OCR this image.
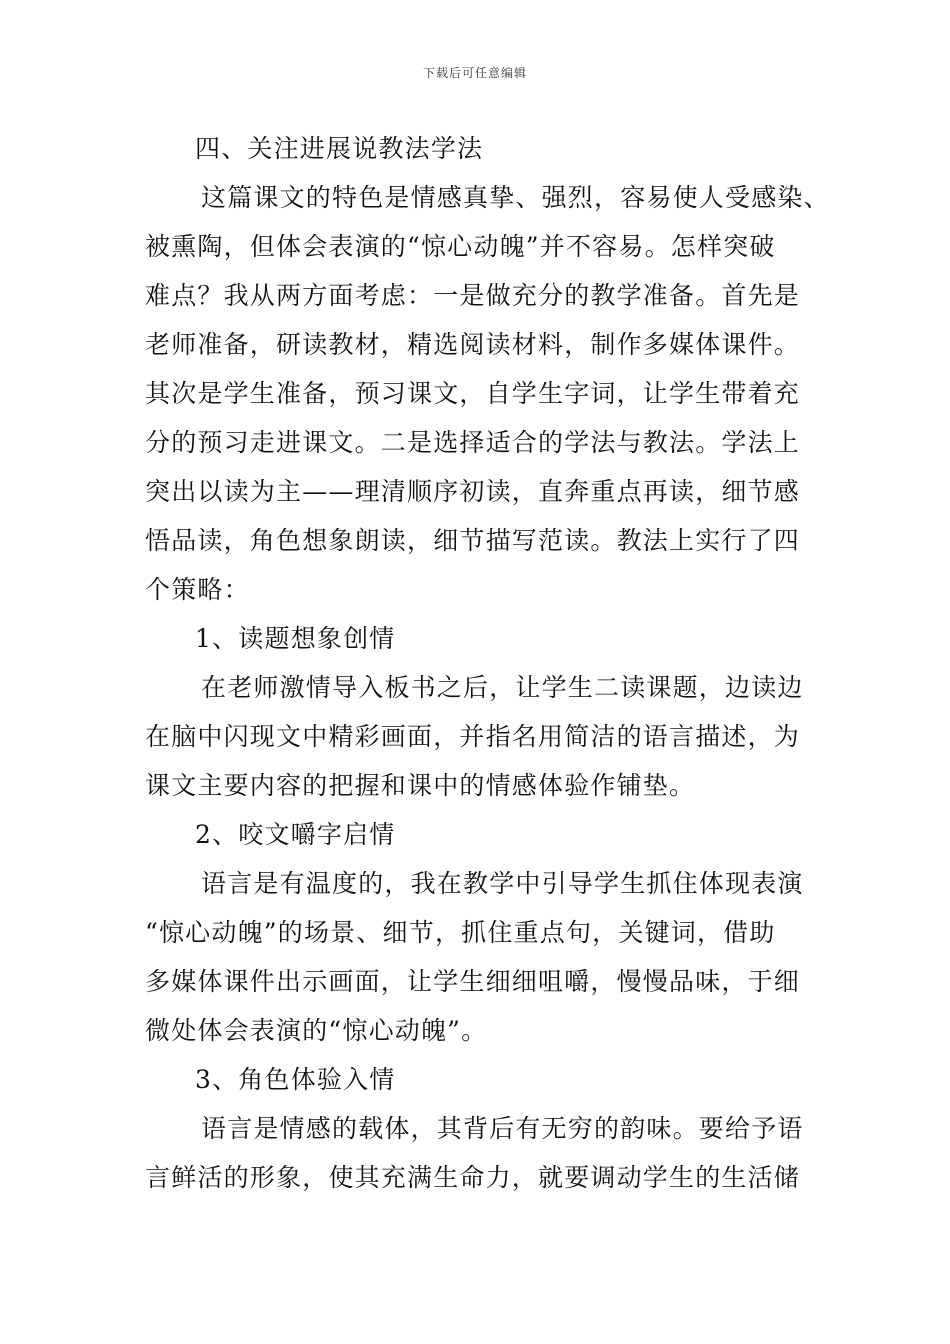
下载后可任意编辑
四、关注进展说教法学法
这篇课文的特色是情感真挚、强烈，容易使人受感染、
被熏陶，但体会表演的“惊心动魄”并不容易。怎样突破
难点？我从两方面考虑：一是做充分的教学准备。首先是
老师准备，研读教材，精选阅读材料，制作多媒体课件。
其次是学生准备，预习课文，自学生字词，让学生带着充
分的预习走进课文。二是选择适合的学法与教法。学法上
突出以读为主——理清顺序初读，直奔重点再读，细节感
悟品读，角色想象朗读，细节描写范读。教法上实行了四
个策略：
1、读题想象创情
在老师激情导入板书之后，让学生二读课题，边读边
在脑中闪现文中精彩画面，并指名用简洁的语言描述，为
课文主要内容的把握和课中的情感体验作铺垫。
2、咬文嚼字启情
语言是有温度的，我在教学中引导学生抓住体现表演
“惊心动魄”的场景、细节，抓住重点句，关键词，借助
多媒体课件出示画面，让学生细细咀嚼，慢慢品味，于细
微处体会表演的“惊心动魄”。
3、角色体验入情
语言是情感的载体，其背后有无穷的韵味。要给予语
言鲜活的形象，使其充满生命力，就要调动学生的生活储
